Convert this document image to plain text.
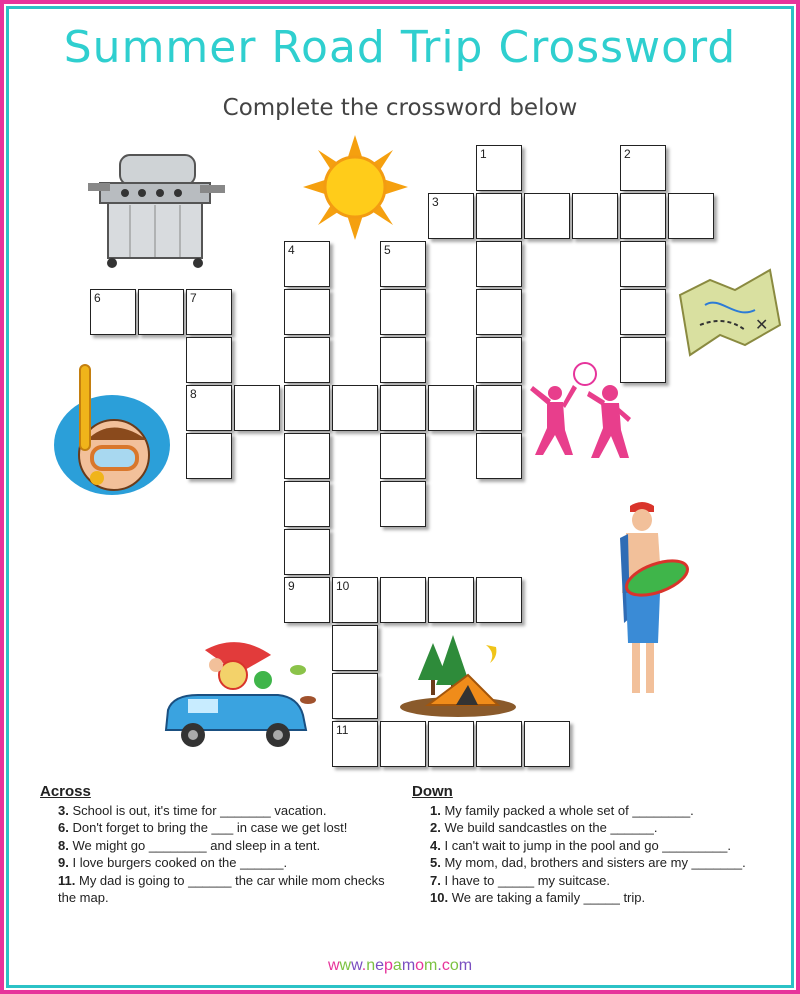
Summer Road Trip Crossword
Complete the crossword below
1	2
3
4	5
6	7
8
9	10
11
✕
Across
3. School is out, it's time for _______ vacation.
6. Don't forget to bring the ___ in case we get lost!
8. We might go ________ and sleep in a tent.
9. I love burgers cooked on the ______.
11. My dad is going to ______ the car while mom checks the map.
Down
1. My family packed a whole set of ________.
2. We build sandcastles on the ______.
4. I can't wait to jump in the pool and go _________.
5. My mom, dad, brothers and sisters are my _______.
7. I have to _____ my suitcase.
10. We are taking a family _____ trip.
www.nepamom.com
